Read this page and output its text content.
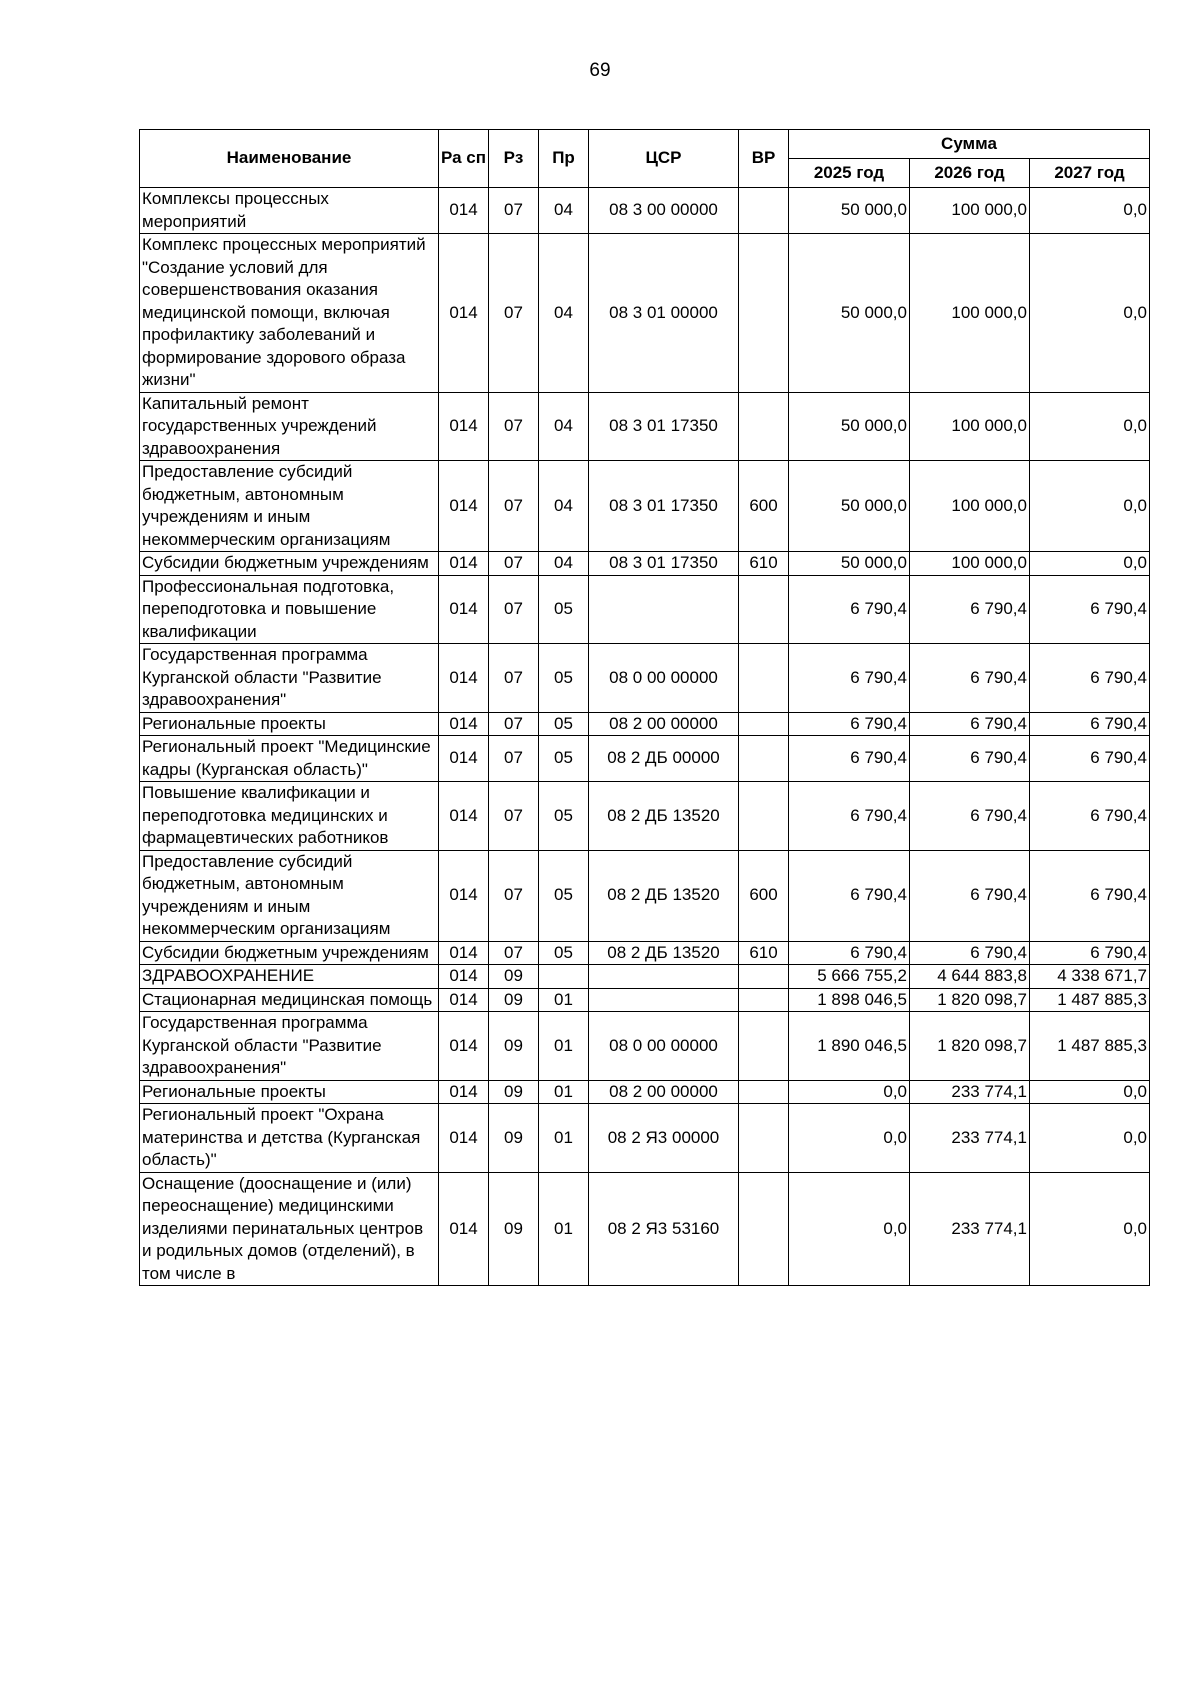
69
Наименование	Ра сп	Рз	Пр	ЦСР	ВР	Сумма		
						2025 год	2026 год	2027 год
Комплексы процессных мероприятий	014	07	04	08 3 00 00000		50 000,0	100 000,0	0,0
Комплекс процессных мероприятий "Создание условий для совершенствования оказания медицинской помощи, включая профилактику заболеваний и формирование здорового образа жизни"	014	07	04	08 3 01 00000		50 000,0	100 000,0	0,0
Капитальный ремонт государственных учреждений здравоохранения	014	07	04	08 3 01 17350		50 000,0	100 000,0	0,0
Предоставление субсидий бюджетным, автономным учреждениям и иным некоммерческим организациям	014	07	04	08 3 01 17350	600	50 000,0	100 000,0	0,0
Субсидии бюджетным учреждениям	014	07	04	08 3 01 17350	610	50 000,0	100 000,0	0,0
Профессиональная подготовка, переподготовка и повышение квалификации	014	07	05			6 790,4	6 790,4	6 790,4
Государственная программа Курганской области "Развитие здравоохранения"	014	07	05	08 0 00 00000		6 790,4	6 790,4	6 790,4
Региональные проекты	014	07	05	08 2 00 00000		6 790,4	6 790,4	6 790,4
Региональный проект "Медицинские кадры (Курганская область)"	014	07	05	08 2 ДБ 00000		6 790,4	6 790,4	6 790,4
Повышение квалификации и переподготовка медицинских и фармацевтических работников	014	07	05	08 2 ДБ 13520		6 790,4	6 790,4	6 790,4
Предоставление субсидий бюджетным, автономным учреждениям и иным некоммерческим организациям	014	07	05	08 2 ДБ 13520	600	6 790,4	6 790,4	6 790,4
Субсидии бюджетным учреждениям	014	07	05	08 2 ДБ 13520	610	6 790,4	6 790,4	6 790,4
ЗДРАВООХРАНЕНИЕ	014	09				5 666 755,2	4 644 883,8	4 338 671,7
Стационарная медицинская помощь	014	09	01			1 898 046,5	1 820 098,7	1 487 885,3
Государственная программа Курганской области "Развитие здравоохранения"	014	09	01	08 0 00 00000		1 890 046,5	1 820 098,7	1 487 885,3
Региональные проекты	014	09	01	08 2 00 00000		0,0	233 774,1	0,0
Региональный проект "Охрана материнства и детства (Курганская область)"	014	09	01	08 2 Я3 00000		0,0	233 774,1	0,0
Оснащение (дооснащение и (или) переоснащение) медицинскими изделиями перинатальных центров и родильных домов (отделений), в том числе в	014	09	01	08 2 Я3 53160		0,0	233 774,1	0,0
